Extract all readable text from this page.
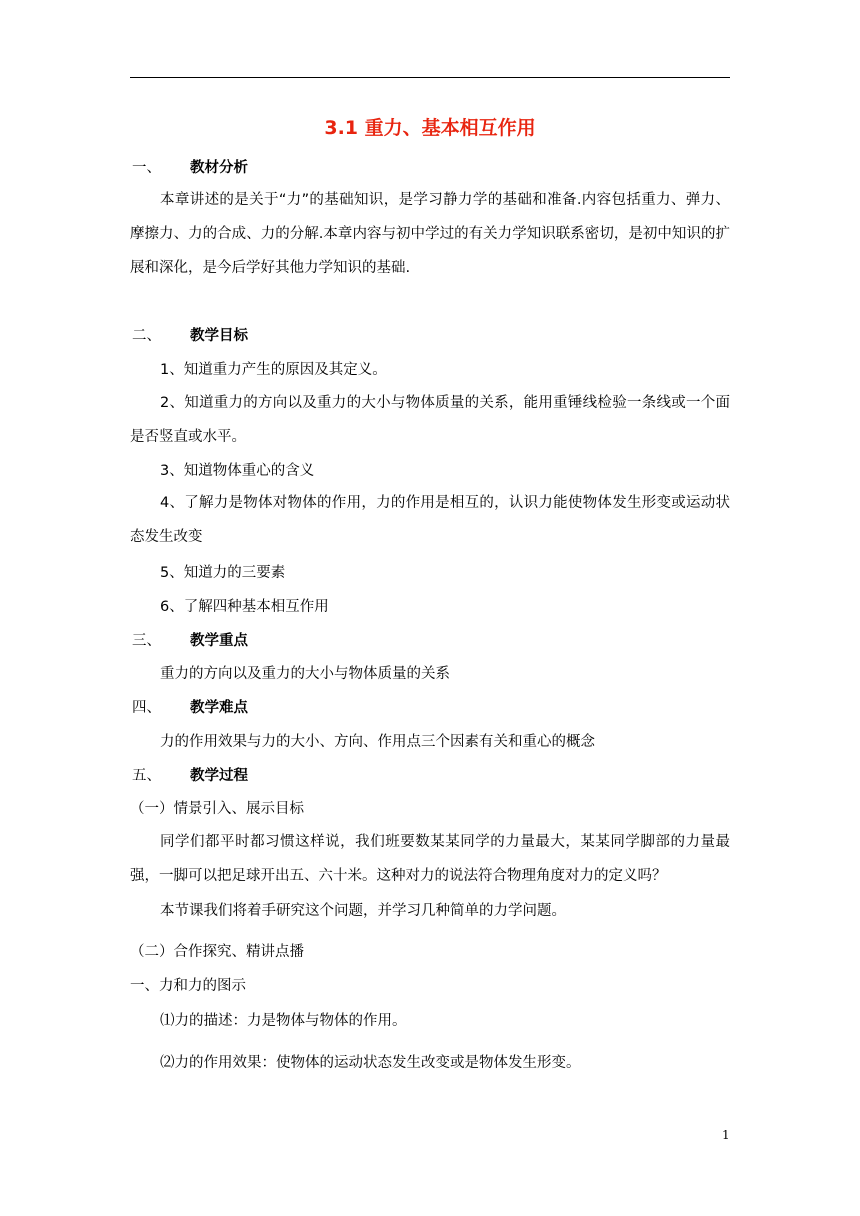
3.1 重力、基本相互作用
一、 教材分析
本章讲述的是关于“力”的基础知识，是学习静力学的基础和准备.内容包括重力、弹力、摩擦力、力的合成、力的分解.本章内容与初中学过的有关力学知识联系密切，是初中知识的扩展和深化，是今后学好其他力学知识的基础.
二、 教学目标
1、知道重力产生的原因及其定义。
2、知道重力的方向以及重力的大小与物体质量的关系，能用重锤线检验一条线或一个面是否竖直或水平。
3、知道物体重心的含义
4、了解力是物体对物体的作用，力的作用是相互的，认识力能使物体发生形变或运动状态发生改变
5、知道力的三要素
6、了解四种基本相互作用
三、 教学重点
重力的方向以及重力的大小与物体质量的关系
四、 教学难点
力的作用效果与力的大小、方向、作用点三个因素有关和重心的概念
五、 教学过程
（一）情景引入、展示目标
同学们都平时都习惯这样说，我们班要数某某同学的力量最大，某某同学脚部的力量最强，一脚可以把足球开出五、六十米。这种对力的说法符合物理角度对力的定义吗？
本节课我们将着手研究这个问题，并学习几种简单的力学问题。
（二）合作探究、精讲点播
一、力和力的图示
⑴力的描述：力是物体与物体的作用。
⑵力的作用效果：使物体的运动状态发生改变或是物体发生形变。
1
